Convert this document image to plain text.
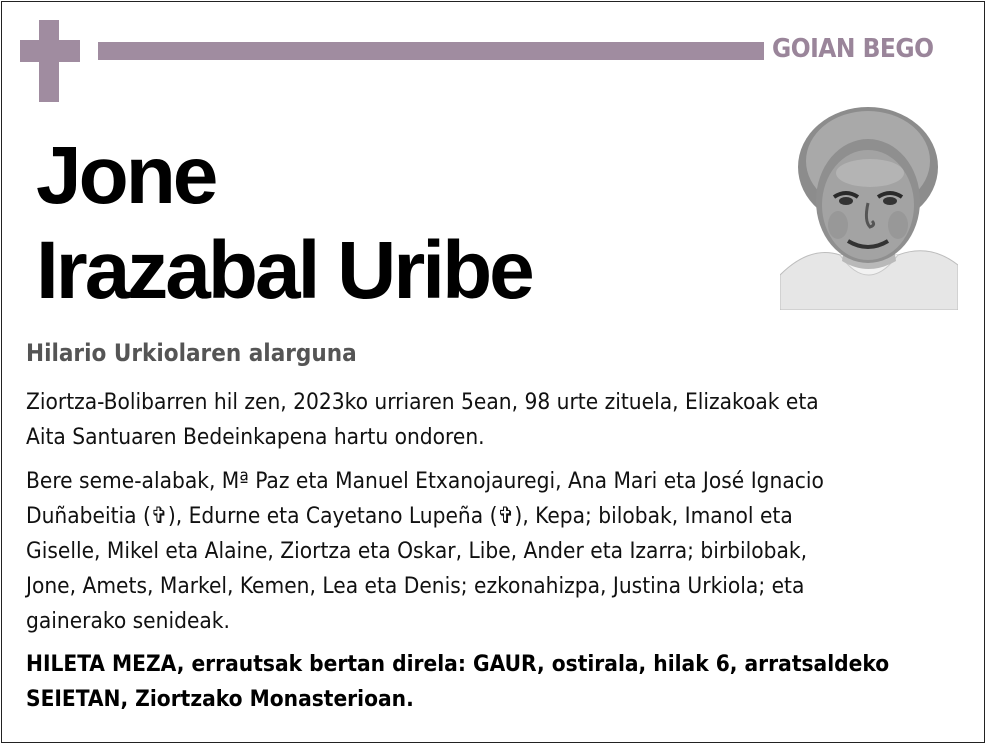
GOIAN BEGO
Jone
Irazabal Uribe
Hilario Urkiolaren alarguna

Ziortza-Bolibarren hil zen, 2023ko urriaren 5ean, 98 urte zituela, Elizakoak eta
Aita Santuaren Bedeinkapena hartu ondoren.

Bere seme-alabak, Mª Paz eta Manuel Etxanojauregi, Ana Mari eta José Ignacio
Duñabeitia (✞), Edurne eta Cayetano Lupeña (✞), Kepa; bilobak, Imanol eta
Giselle, Mikel eta Alaine, Ziortza eta Oskar, Libe, Ander eta Izarra; birbilobak,
Jone, Amets, Markel, Kemen, Lea eta Denis; ezkonahizpa, Justina Urkiola; eta
gainerako senideak.

HILETA MEZA, errautsak bertan direla: GAUR, ostirala, hilak 6, arratsaldeko
SEIETAN, Ziortzako Monasterioan.
